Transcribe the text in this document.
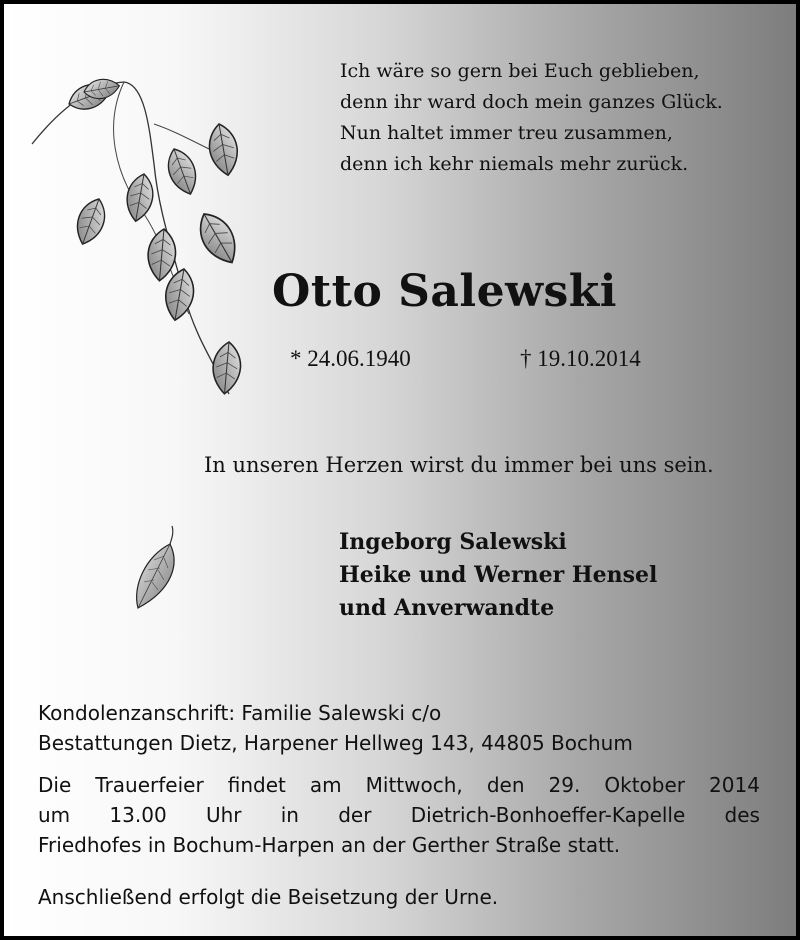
Ich wäre so gern bei Euch geblieben,
denn ihr ward doch mein ganzes Glück.
Nun haltet immer treu zusammen,
denn ich kehr niemals mehr zurück.
Otto Salewski
* 24.06.1940	† 19.10.2014
In unseren Herzen wirst du immer bei uns sein.
Ingeborg Salewski
Heike und Werner Hensel
und Anverwandte
Kondolenzanschrift: Familie Salewski c/o
Bestattungen Dietz, Harpener Hellweg 143, 44805 Bochum
Die Trauerfeier findet am Mittwoch, den 29. Oktober 2014
um 13.00 Uhr in der Dietrich-Bonhoeffer-Kapelle des
Friedhofes in Bochum-Harpen an der Gerther Straße statt.
Anschließend erfolgt die Beisetzung der Urne.
